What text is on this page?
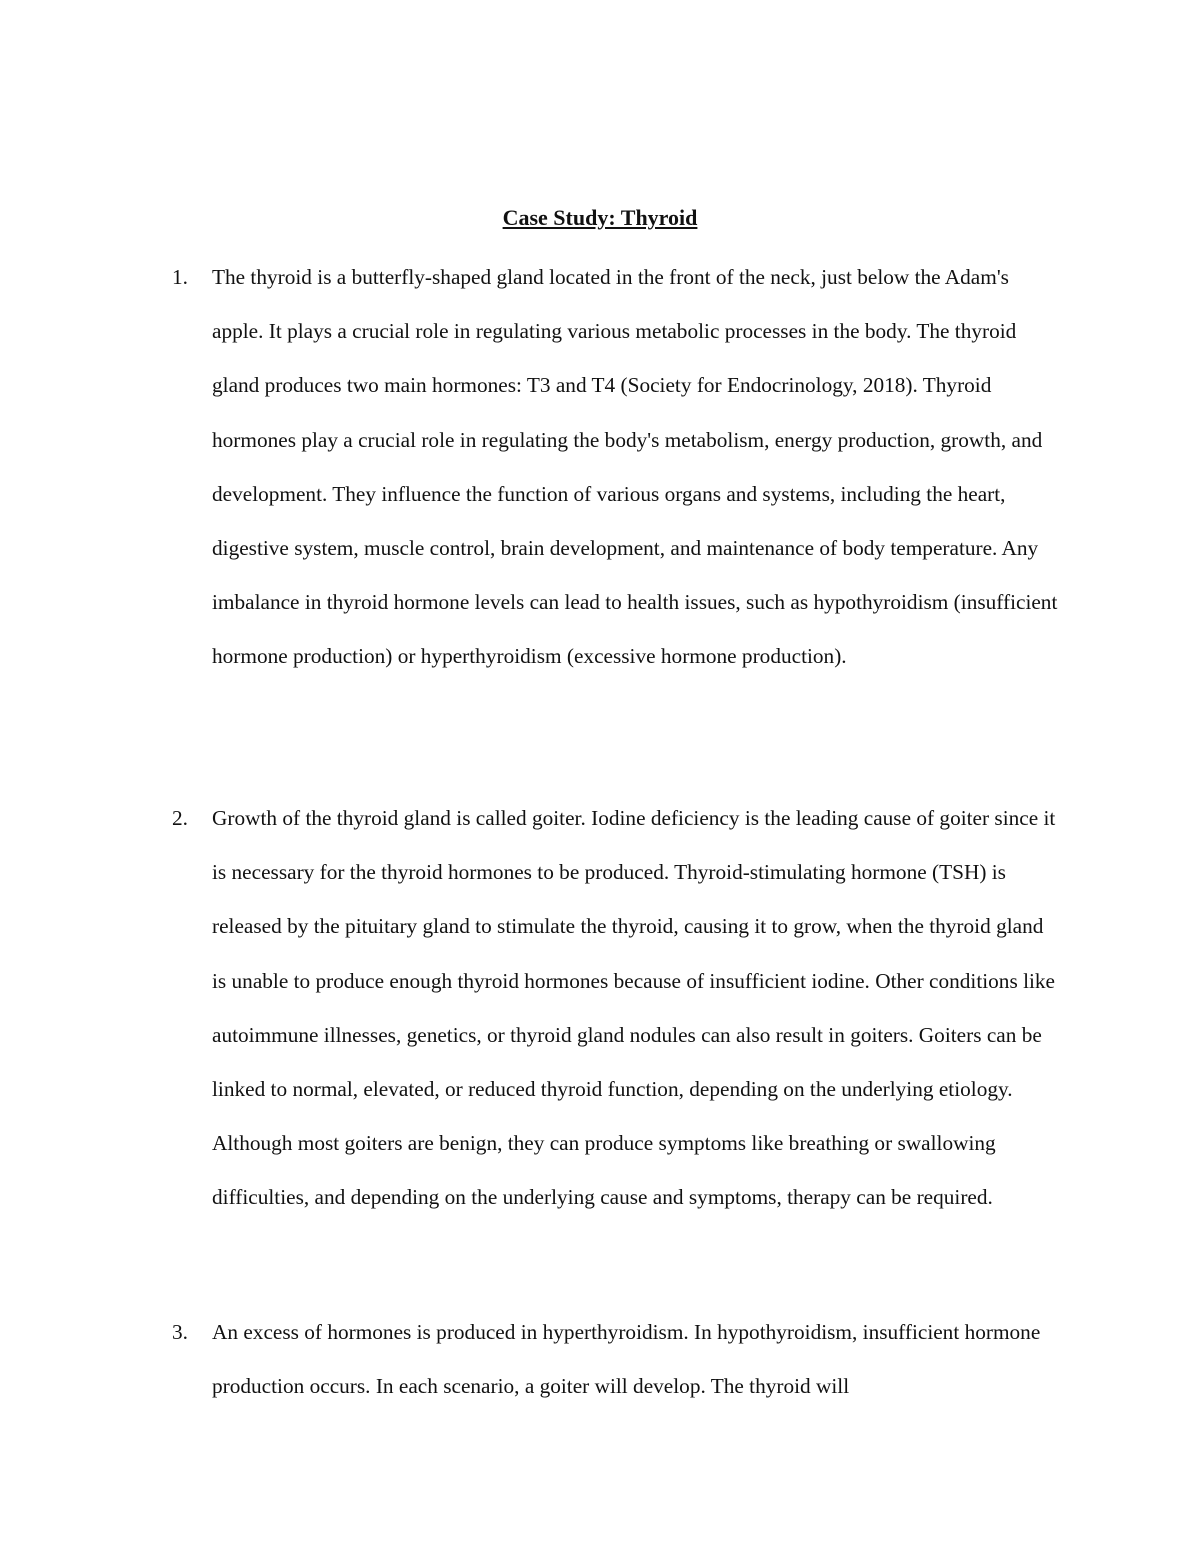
Case Study: Thyroid
1.	The thyroid is a butterfly-shaped gland located in the front of the neck, just below the Adam's apple. It plays a crucial role in regulating various metabolic processes in the body. The thyroid gland produces two main hormones: T3 and T4 (Society for Endocrinology, 2018). Thyroid hormones play a crucial role in regulating the body's metabolism, energy production, growth, and development. They influence the function of various organs and systems, including the heart, digestive system, muscle control, brain development, and maintenance of body temperature. Any imbalance in thyroid hormone levels can lead to health issues, such as hypothyroidism (insufficient hormone production) or hyperthyroidism (excessive hormone production).
2.	Growth of the thyroid gland is called goiter. Iodine deficiency is the leading cause of goiter since it is necessary for the thyroid hormones to be produced. Thyroid-stimulating hormone (TSH) is released by the pituitary gland to stimulate the thyroid, causing it to grow, when the thyroid gland is unable to produce enough thyroid hormones because of insufficient iodine. Other conditions like autoimmune illnesses, genetics, or thyroid gland nodules can also result in goiters. Goiters can be linked to normal, elevated, or reduced thyroid function, depending on the underlying etiology. Although most goiters are benign, they can produce symptoms like breathing or swallowing difficulties, and depending on the underlying cause and symptoms, therapy can be required.
3.	An excess of hormones is produced in hyperthyroidism. In hypothyroidism, insufficient hormone production occurs. In each scenario, a goiter will develop. The thyroid will
